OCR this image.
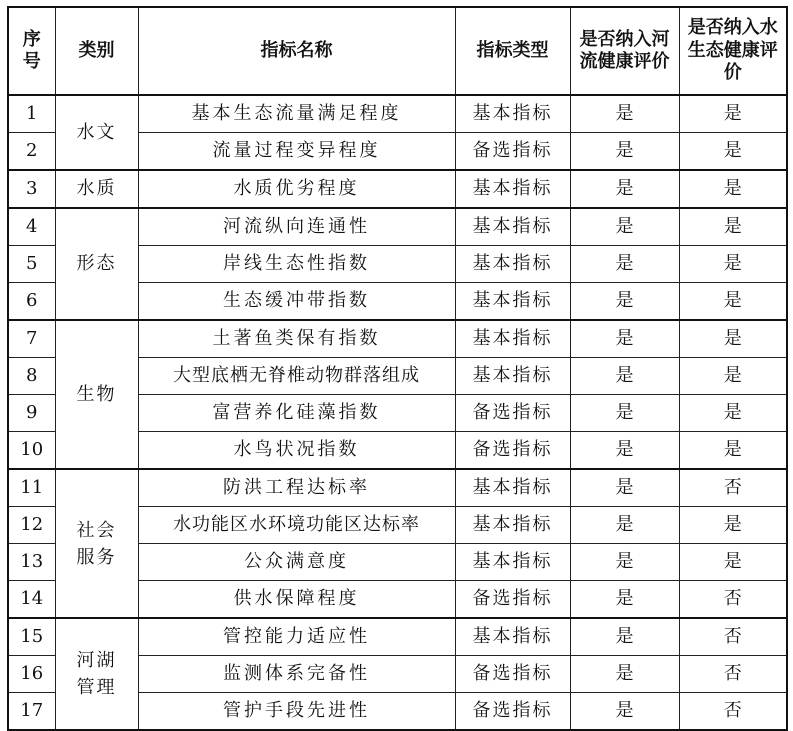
序号	类别	指标名称	指标类型	是否纳入河流健康评价	是否纳入水生态健康评价

1	水文	基本生态流量满足程度	基本指标	是	是
2		流量过程变异程度	备选指标	是	是
3	水质	水质优劣程度	基本指标	是	是
4	形态	河流纵向连通性	基本指标	是	是
5		岸线生态性指数	基本指标	是	是
6		生态缓冲带指数	基本指标	是	是
7	生物	土著鱼类保有指数	基本指标	是	是
8		大型底栖无脊椎动物群落组成	基本指标	是	是
9		富营养化硅藻指数	备选指标	是	是
10		水鸟状况指数	备选指标	是	是
11	社会服务	防洪工程达标率	基本指标	是	否
12		水功能区水环境功能区达标率	基本指标	是	是
13		公众满意度	基本指标	是	是
14		供水保障程度	备选指标	是	否
15	河湖管理	管控能力适应性	基本指标	是	否
16		监测体系完备性	备选指标	是	否
17		管护手段先进性	备选指标	是	否
